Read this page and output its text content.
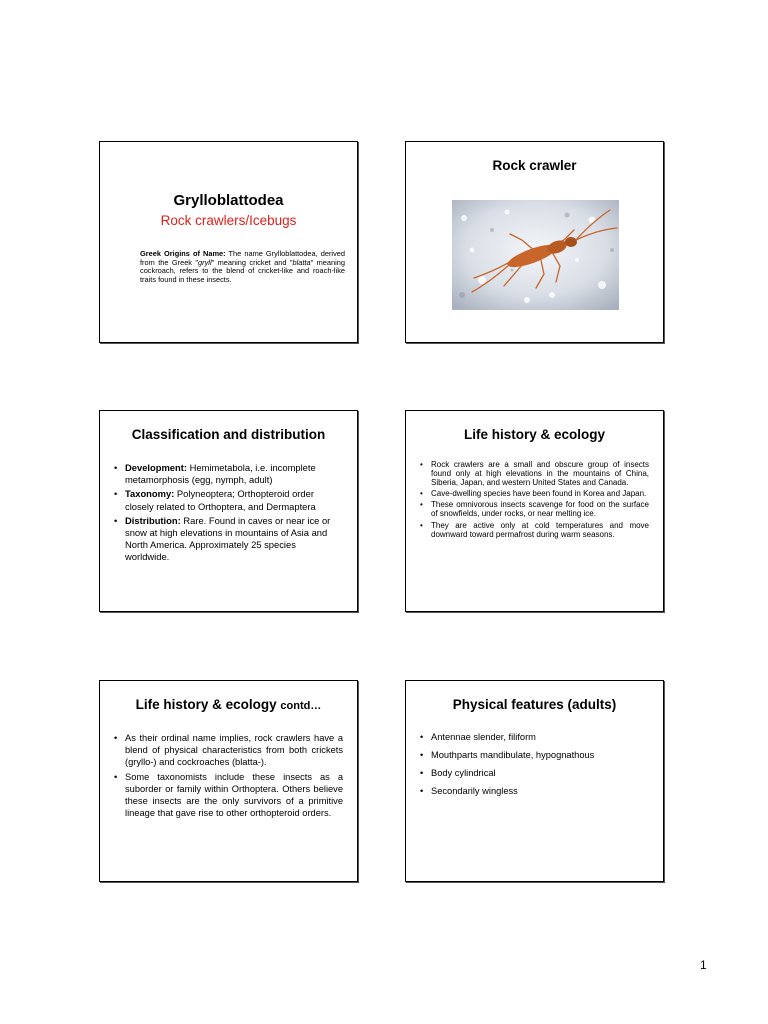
Grylloblattodea
Rock crawlers/Icebugs
Greek Origins of Name: The name Grylloblattodea, derived from the Greek "gryll" meaning cricket and "blatta" meaning cockroach, refers to the blend of cricket-like and roach-like traits found in these insects.
Rock crawler
Classification and distribution
• Development: Hemimetabola, i.e. incomplete metamorphosis (egg, nymph, adult)
• Taxonomy: Polyneoptera; Orthopteroid order closely related to Orthoptera, and Dermaptera
• Distribution: Rare. Found in caves or near ice or snow at high elevations in mountains of Asia and North America. Approximately 25 species worldwide.
Life history & ecology
• Rock crawlers are a small and obscure group of insects found only at high elevations in the mountains of China, Siberia, Japan, and western United States and Canada.
• Cave-dwelling species have been found in Korea and Japan.
• These omnivorous insects scavenge for food on the surface of snowfields, under rocks, or near melting ice.
• They are active only at cold temperatures and move downward toward permafrost during warm seasons.
Life history & ecology contd…
• As their ordinal name implies, rock crawlers have a blend of physical characteristics from both crickets (gryllo-) and cockroaches (blatta-).
• Some taxonomists include these insects as a suborder or family within Orthoptera. Others believe these insects are the only survivors of a primitive lineage that gave rise to other orthopteroid orders.
Physical features (adults)
• Antennae slender, filiform
• Mouthparts mandibulate, hypognathous
• Body cylindrical
• Secondarily wingless
1
